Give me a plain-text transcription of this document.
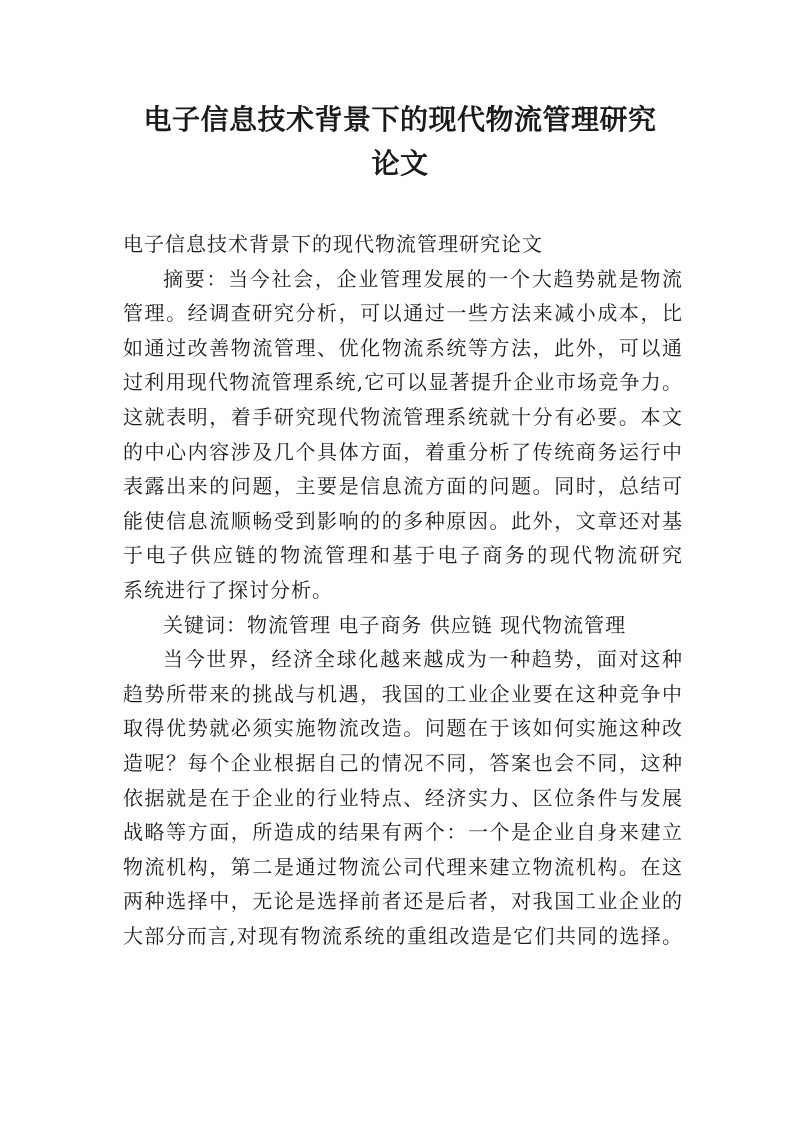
电子信息技术背景下的现代物流管理研究
论文
电子信息技术背景下的现代物流管理研究论文
摘要：当今社会，企业管理发展的一个大趋势就是物流
管理。经调查研究分析，可以通过一些方法来减小成本，比
如通过改善物流管理、优化物流系统等方法，此外，可以通
过利用现代物流管理系统,它可以显著提升企业市场竞争力。
这就表明，着手研究现代物流管理系统就十分有必要。本文
的中心内容涉及几个具体方面，着重分析了传统商务运行中
表露出来的问题，主要是信息流方面的问题。同时，总结可
能使信息流顺畅受到影响的的多种原因。此外，文章还对基
于电子供应链的物流管理和基于电子商务的现代物流研究
系统进行了探讨分析。
关键词：物流管理 电子商务 供应链 现代物流管理
当今世界，经济全球化越来越成为一种趋势，面对这种
趋势所带来的挑战与机遇，我国的工业企业要在这种竞争中
取得优势就必须实施物流改造。问题在于该如何实施这种改
造呢？每个企业根据自己的情况不同，答案也会不同，这种
依据就是在于企业的行业特点、经济实力、区位条件与发展
战略等方面，所造成的结果有两个：一个是企业自身来建立
物流机构，第二是通过物流公司代理来建立物流机构。在这
两种选择中，无论是选择前者还是后者，对我国工业企业的
大部分而言,对现有物流系统的重组改造是它们共同的选择。
